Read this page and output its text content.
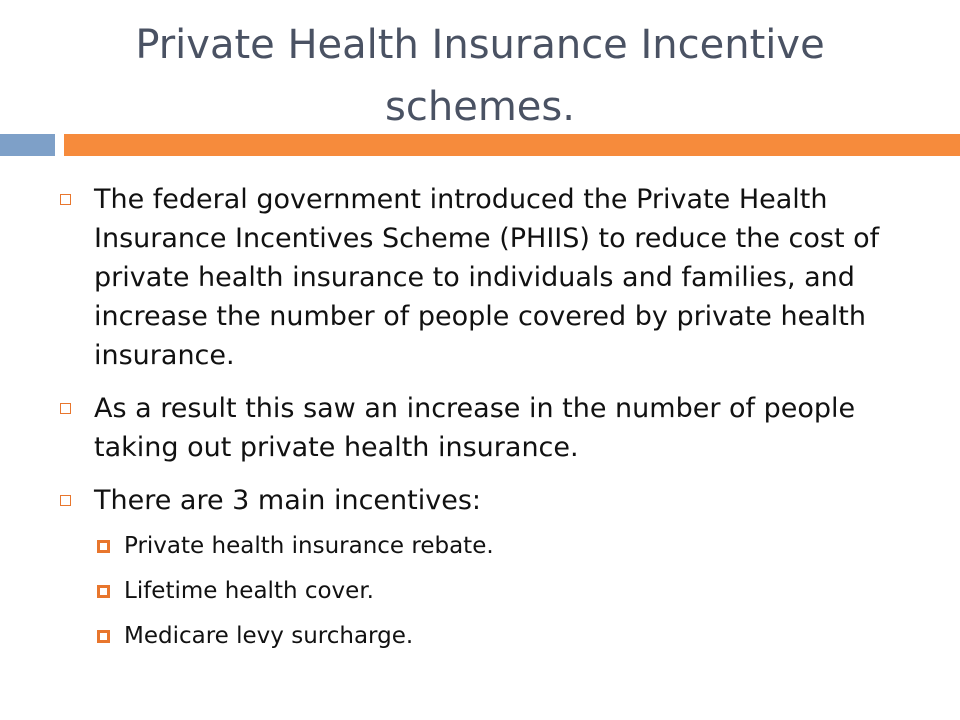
Private Health Insurance Incentive schemes.
The federal government introduced the Private Health Insurance Incentives Scheme (PHIIS) to reduce the cost of private health insurance to individuals and families, and increase the number of people covered by private health insurance.
As a result this saw an increase in the number of people taking out private health insurance.
There are 3 main incentives:
Private health insurance rebate.
Lifetime health cover.
Medicare levy surcharge.
